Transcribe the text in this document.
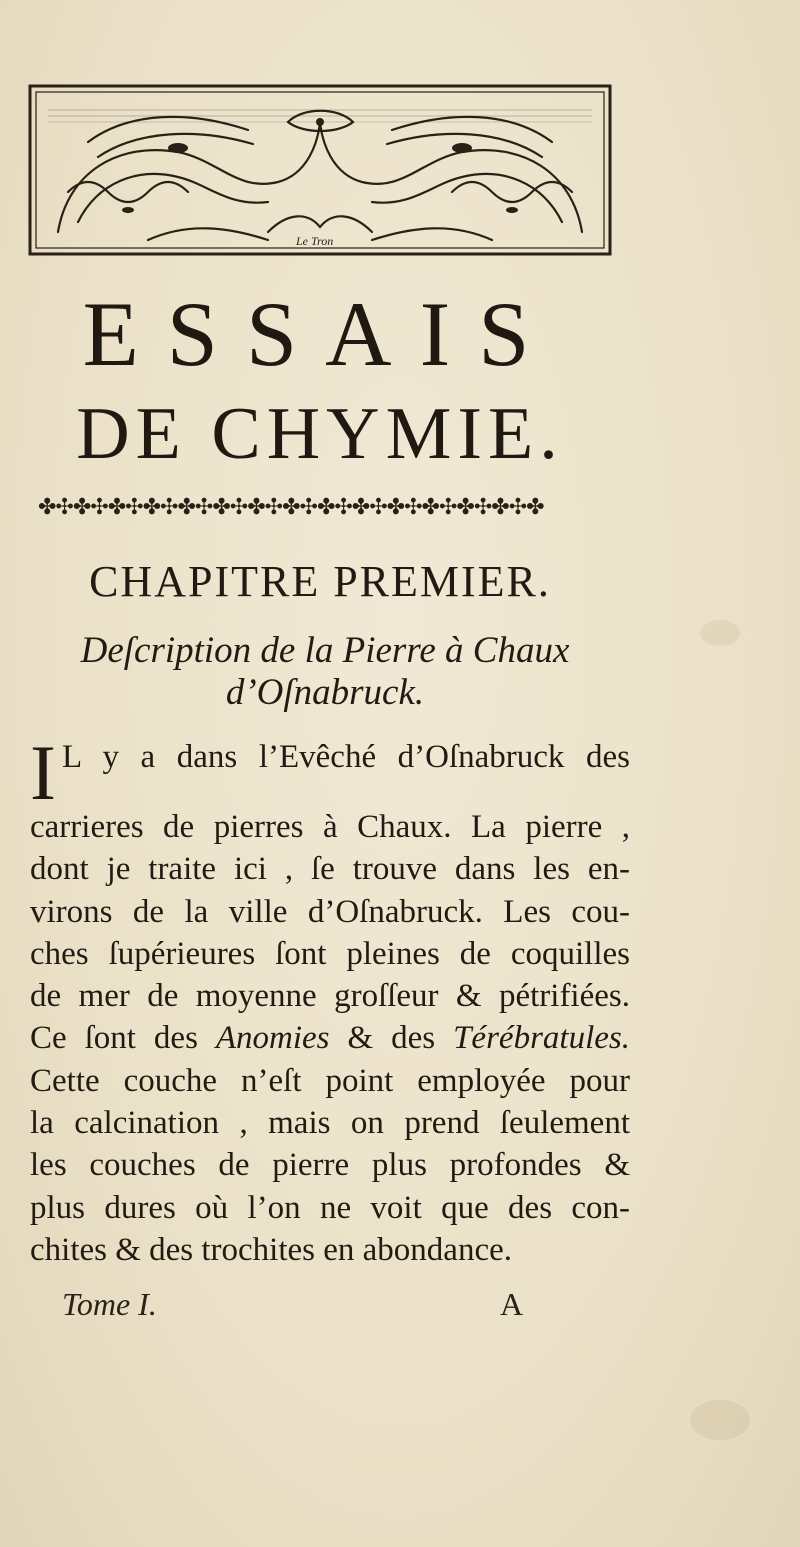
Le Tron
ESSAIS
DE CHYMIE.
✤✣✤✣✤✣✤✣✤✣✤✣✤✣✤✣✤✣✤✣✤✣✤✣✤✣✤✣✤
CHAPITRE PREMIER.
Deſcription de la Pierre à Chaux
d’Oſnabruck.
I L y a dans l’Evêché d’Oſnabruck des
carrieres de pierres à Chaux. La pierre ,
dont je traite ici , ſe trouve dans les en-
virons de la ville d’Oſnabruck. Les cou-
ches ſupérieures ſont pleines de coquilles
de mer de moyenne groſſeur & pétrifiées.
Ce ſont des Anomies & des Térébratules.
Cette couche n’eſt point employée pour
la calcination , mais on prend ſeulement
les couches de pierre plus profondes &
plus dures où l’on ne voit que des con-
chites & des trochites en abondance.
Tome I.	A
